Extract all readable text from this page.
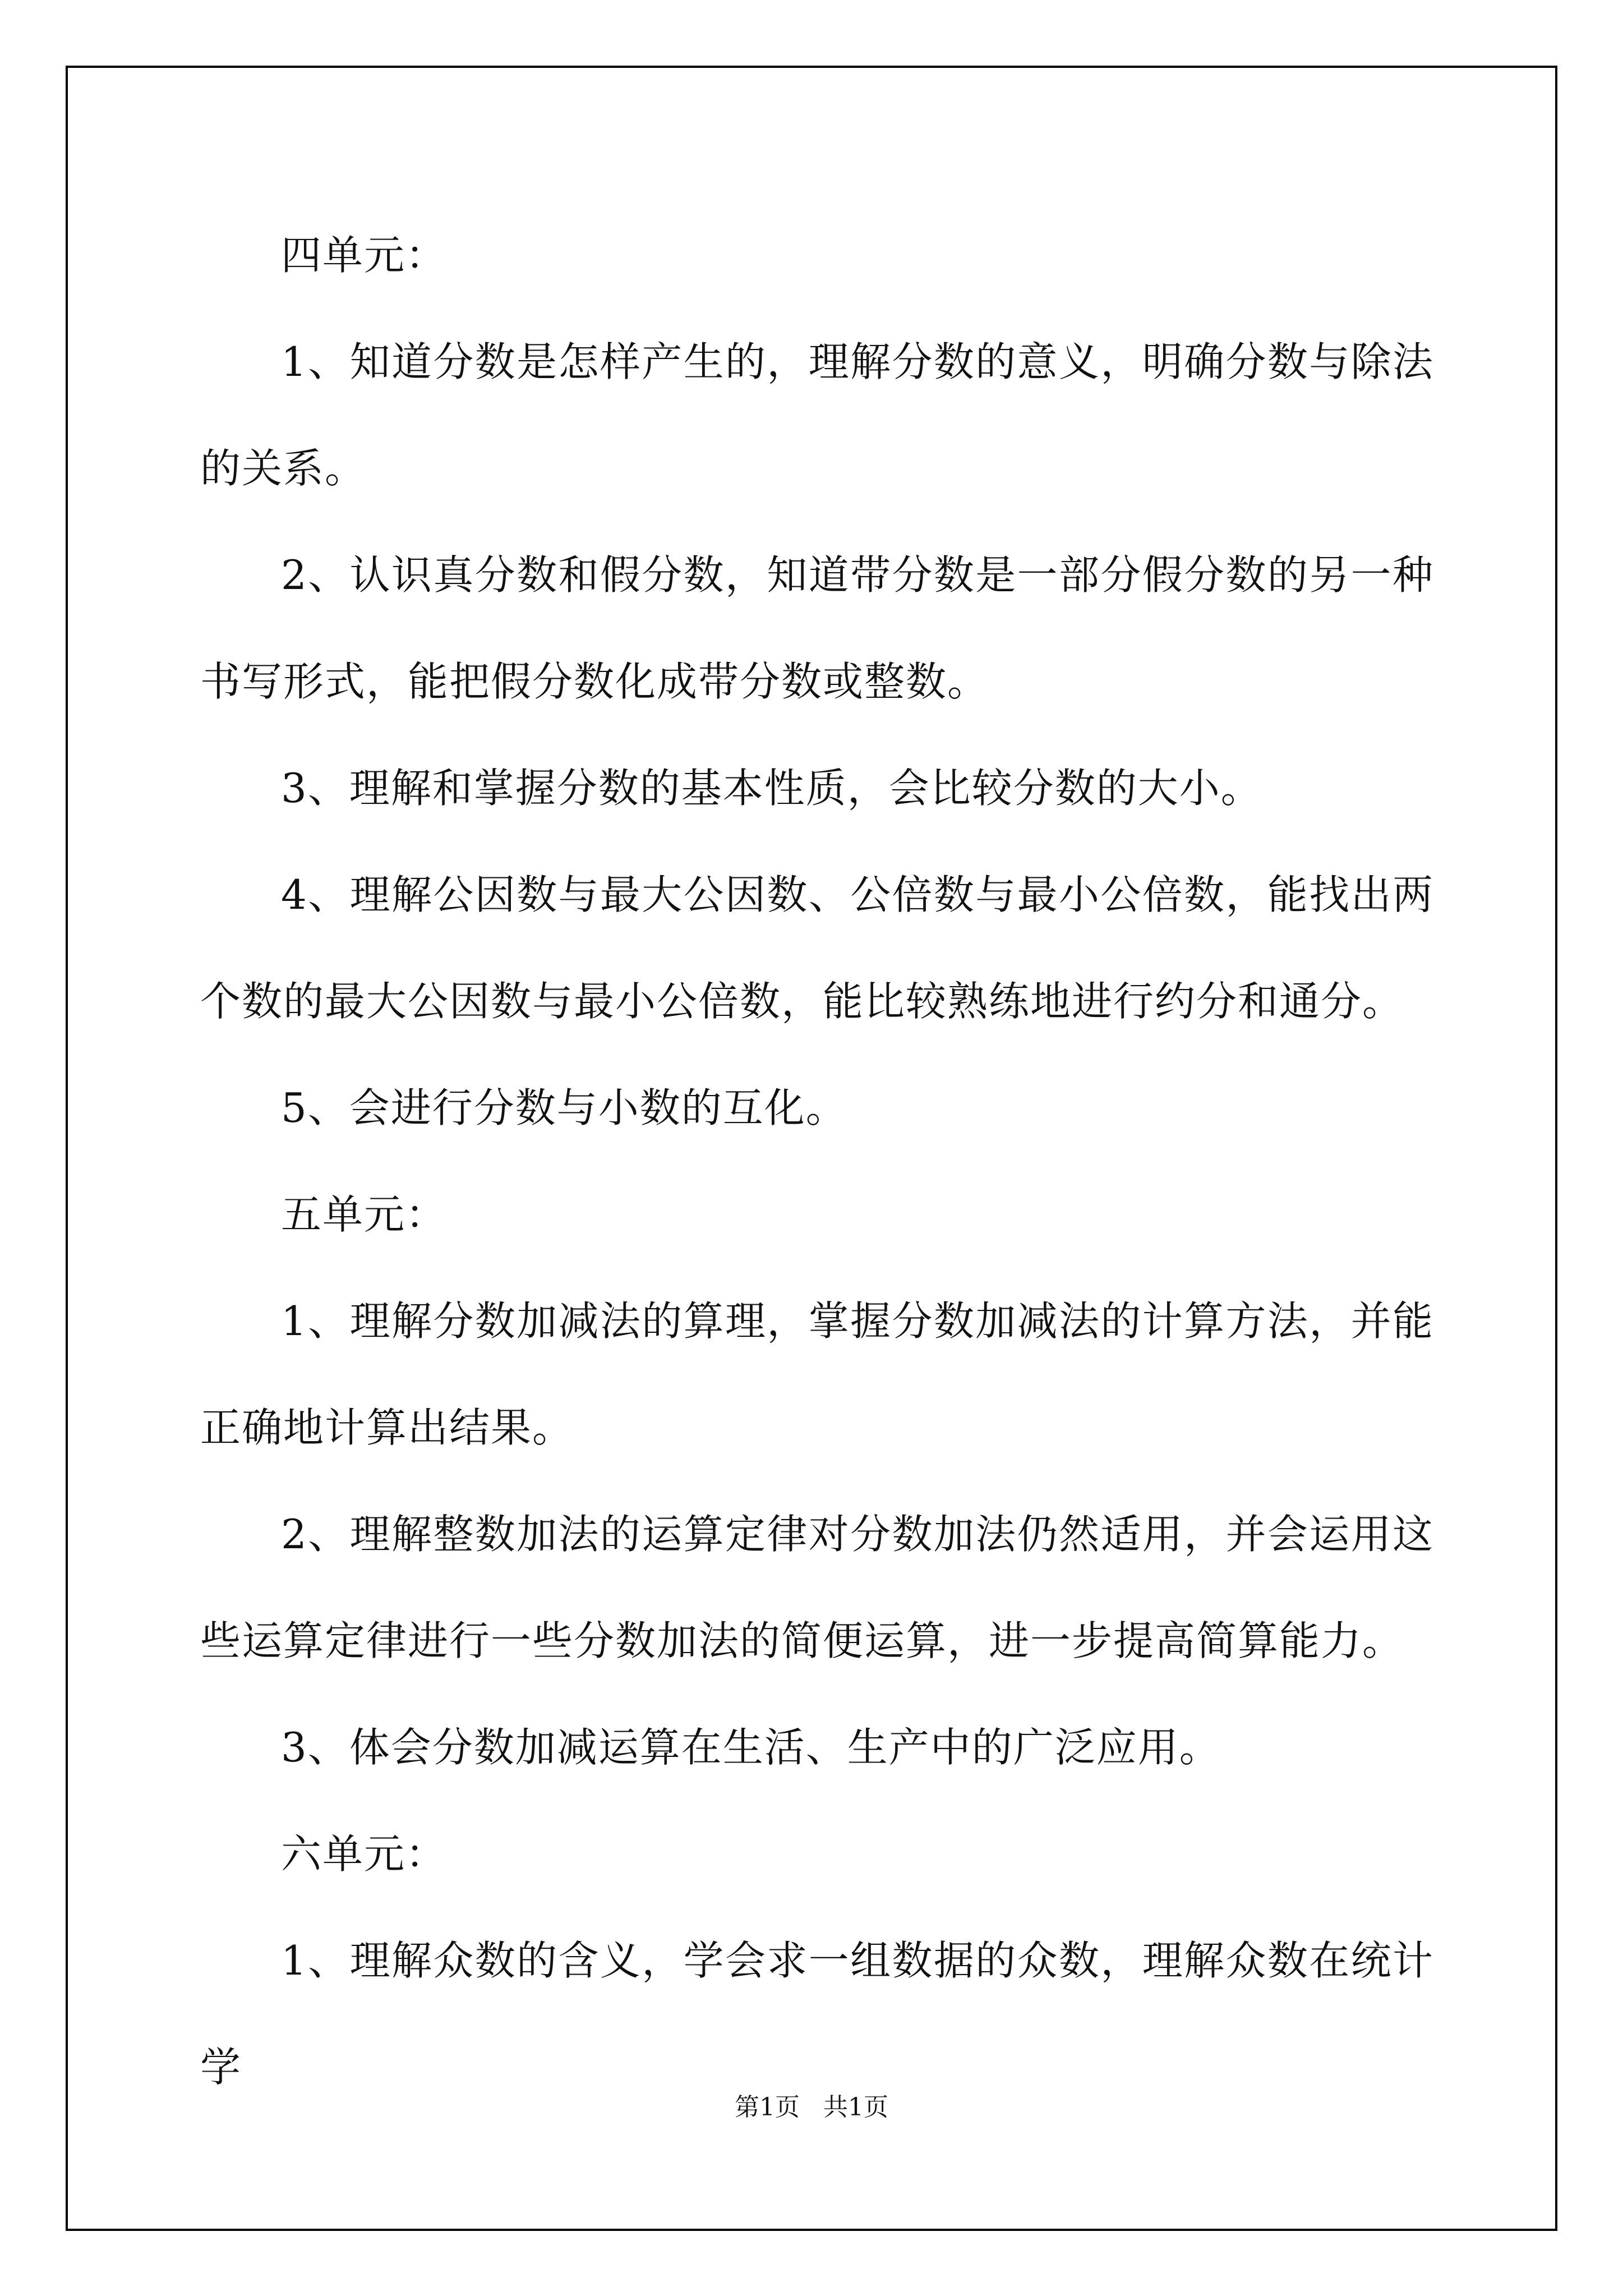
四单元：

1、知道分数是怎样产生的，理解分数的意义，明确分数与除法的关系。

2、认识真分数和假分数，知道带分数是一部分假分数的另一种书写形式，能把假分数化成带分数或整数。

3、理解和掌握分数的基本性质，会比较分数的大小。

4、理解公因数与最大公因数、公倍数与最小公倍数，能找出两个数的最大公因数与最小公倍数，能比较熟练地进行约分和通分。

5、会进行分数与小数的互化。

五单元：

1、理解分数加减法的算理，掌握分数加减法的计算方法，并能正确地计算出结果。

2、理解整数加法的运算定律对分数加法仍然适用，并会运用这些运算定律进行一些分数加法的简便运算，进一步提高简算能力。

3、体会分数加减运算在生活、生产中的广泛应用。

六单元：

1、理解众数的含义，学会求一组数据的众数，理解众数在统计学

第1页   共1页
